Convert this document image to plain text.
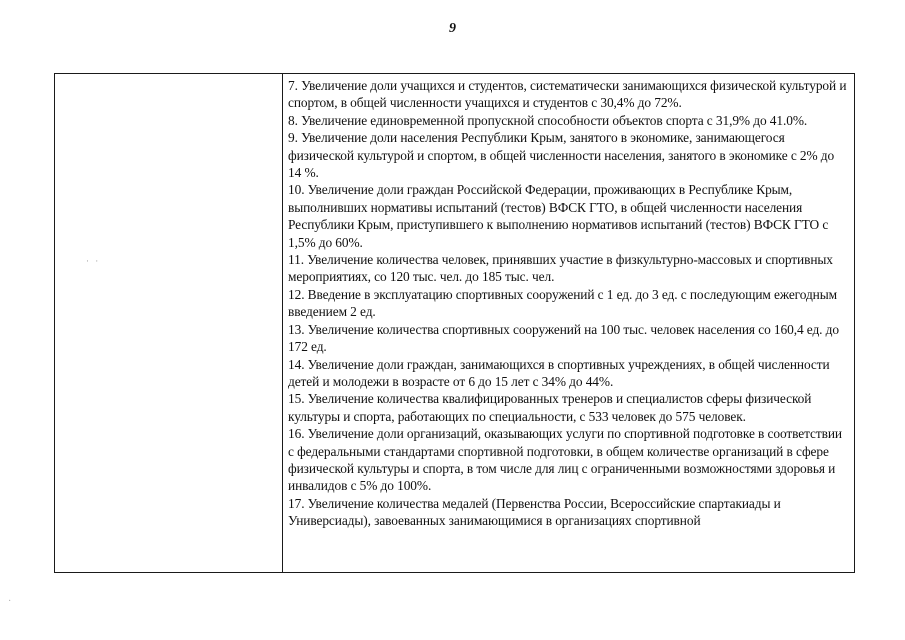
9

7. Увеличение доли учащихся и студентов, систематически занимающихся физической культурой и спортом, в общей численности учащихся и студентов с 30,4% до 72%.

8. Увеличение единовременной пропускной способности объектов спорта с 31,9% до 41.0%.

9. Увеличение доли населения Республики Крым, занятого в экономике, занимающегося физической культурой и спортом, в общей численности населения, занятого в экономике с 2% до 14 %.

10. Увеличение доли граждан Российской Федерации, проживающих в Республике Крым, выполнивших нормативы испытаний (тестов) ВФСК ГТО, в общей численности населения Республики Крым, приступившего к выполнению нормативов испытаний (тестов) ВФСК ГТО с 1,5% до 60%.

11. Увеличение количества человек, принявших участие в физкультурно-массовых и спортивных мероприятиях, со 120 тыс. чел. до 185 тыс. чел.

12. Введение в эксплуатацию спортивных сооружений с 1 ед. до 3 ед. с последующим ежегодным введением 2 ед.

13. Увеличение количества спортивных сооружений на 100 тыс. человек населения со 160,4 ед. до 172 ед.

14. Увеличение доли граждан, занимающихся в спортивных учреждениях, в общей численности детей и молодежи в возрасте от 6 до 15 лет с 34% до 44%.

15. Увеличение количества квалифицированных тренеров и специалистов сферы физической культуры и спорта, работающих по специальности, с 533 человек до 575 человек.

16. Увеличение доли организаций, оказывающих услуги по спортивной подготовке в соответствии с федеральными стандартами спортивной подготовки, в общем количестве организаций в сфере физической культуры и спорта, в том числе для лиц с ограниченными возможностями здоровья и инвалидов с 5% до 100%.

17. Увеличение количества медалей (Первенства России, Всероссийские спартакиады и Универсиады), завоеванных занимающимися в организациях спортивной

· ·
·
